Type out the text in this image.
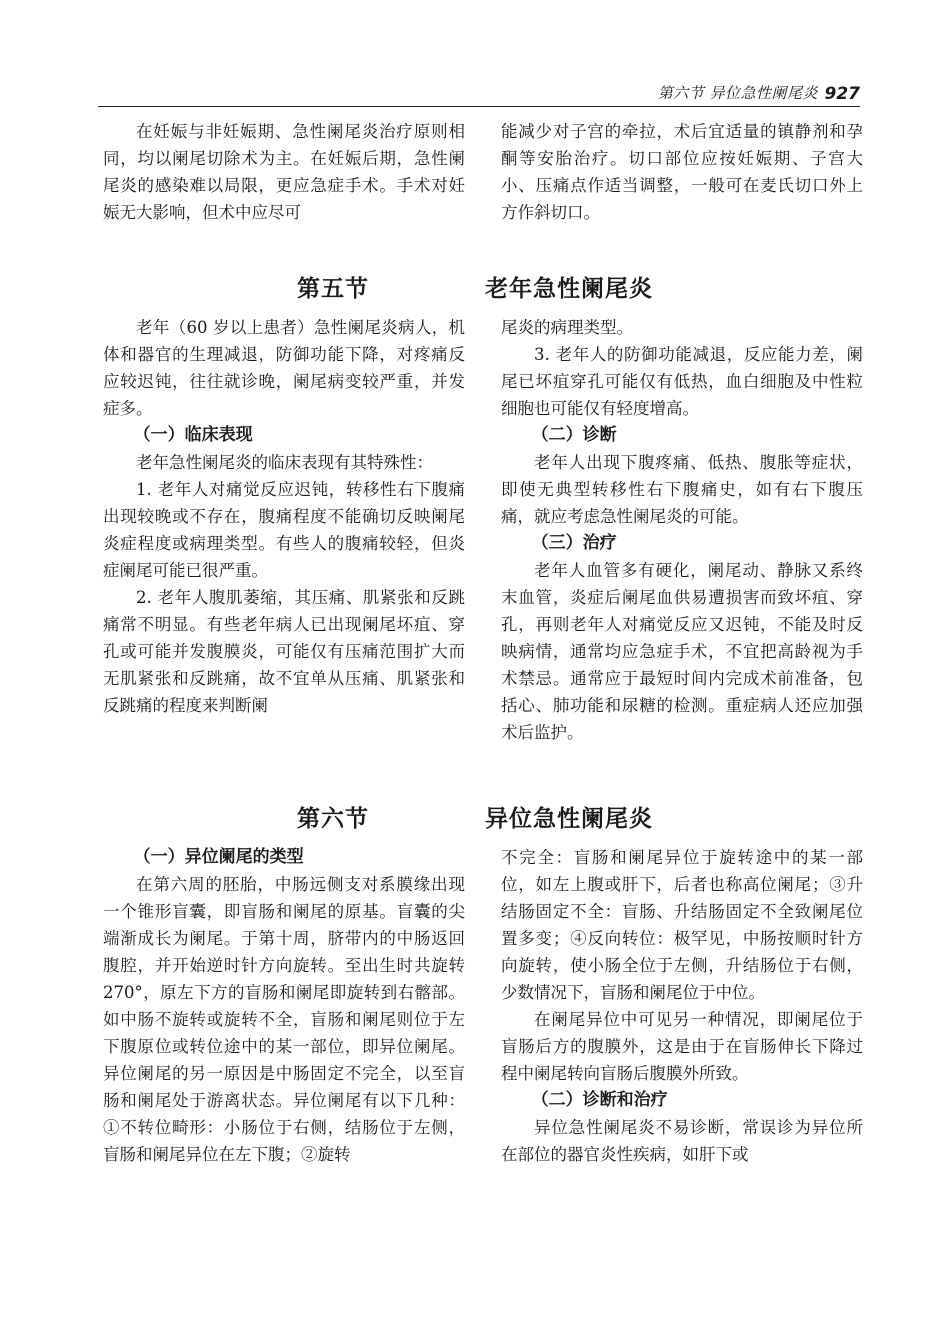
第六节 异位急性阑尾炎 927

在妊娠与非妊娠期、急性阑尾炎治疗原则相同，均以阑尾切除术为主。在妊娠后期，急性阑尾炎的感染难以局限，更应急症手术。手术对妊娠无大影响，但术中应尽可

能减少对子宫的牵拉，术后宜适量的镇静剂和孕酮等安胎治疗。切口部位应按妊娠期、子宫大小、压痛点作适当调整，一般可在麦氏切口外上方作斜切口。

第五节    老年急性阑尾炎

老年（60 岁以上患者）急性阑尾炎病人，机体和器官的生理减退，防御功能下降，对疼痛反应较迟钝，往往就诊晚，阑尾病变较严重，并发症多。

（一）临床表现

老年急性阑尾炎的临床表现有其特殊性：

1. 老年人对痛觉反应迟钝，转移性右下腹痛出现较晚或不存在，腹痛程度不能确切反映阑尾炎症程度或病理类型。有些人的腹痛较轻，但炎症阑尾可能已很严重。

2. 老年人腹肌萎缩，其压痛、肌紧张和反跳痛常不明显。有些老年病人已出现阑尾坏疽、穿孔或可能并发腹膜炎，可能仅有压痛范围扩大而无肌紧张和反跳痛，故不宜单从压痛、肌紧张和反跳痛的程度来判断阑

尾炎的病理类型。

3. 老年人的防御功能减退，反应能力差，阑尾已坏疽穿孔可能仅有低热，血白细胞及中性粒细胞也可能仅有轻度增高。

（二）诊断

老年人出现下腹疼痛、低热、腹胀等症状，即使无典型转移性右下腹痛史，如有右下腹压痛，就应考虑急性阑尾炎的可能。

（三）治疗

老年人血管多有硬化，阑尾动、静脉又系终末血管，炎症后阑尾血供易遭损害而致坏疽、穿孔，再则老年人对痛觉反应又迟钝，不能及时反映病情，通常均应急症手术，不宜把高龄视为手术禁忌。通常应于最短时间内完成术前准备，包括心、肺功能和尿糖的检测。重症病人还应加强术后监护。

第六节    异位急性阑尾炎
（一）异位阑尾的类型

在第六周的胚胎，中肠远侧支对系膜缘出现一个锥形盲囊，即盲肠和阑尾的原基。盲囊的尖端渐成长为阑尾。于第十周，脐带内的中肠返回腹腔，并开始逆时针方向旋转。至出生时共旋转 270°，原左下方的盲肠和阑尾即旋转到右髂部。如中肠不旋转或旋转不全，盲肠和阑尾则位于左下腹原位或转位途中的某一部位，即异位阑尾。异位阑尾的另一原因是中肠固定不完全，以至盲肠和阑尾处于游离状态。异位阑尾有以下几种：①不转位畸形：小肠位于右侧，结肠位于左侧，盲肠和阑尾异位在左下腹；②旋转

不完全：盲肠和阑尾异位于旋转途中的某一部位，如左上腹或肝下，后者也称高位阑尾；③升结肠固定不全：盲肠、升结肠固定不全致阑尾位置多变；④反向转位：极罕见，中肠按顺时针方向旋转，使小肠全位于左侧，升结肠位于右侧，少数情况下，盲肠和阑尾位于中位。

在阑尾异位中可见另一种情况，即阑尾位于盲肠后方的腹膜外，这是由于在盲肠伸长下降过程中阑尾转向盲肠后腹膜外所致。

（二）诊断和治疗

异位急性阑尾炎不易诊断，常误诊为异位所在部位的器官炎性疾病，如肝下或
